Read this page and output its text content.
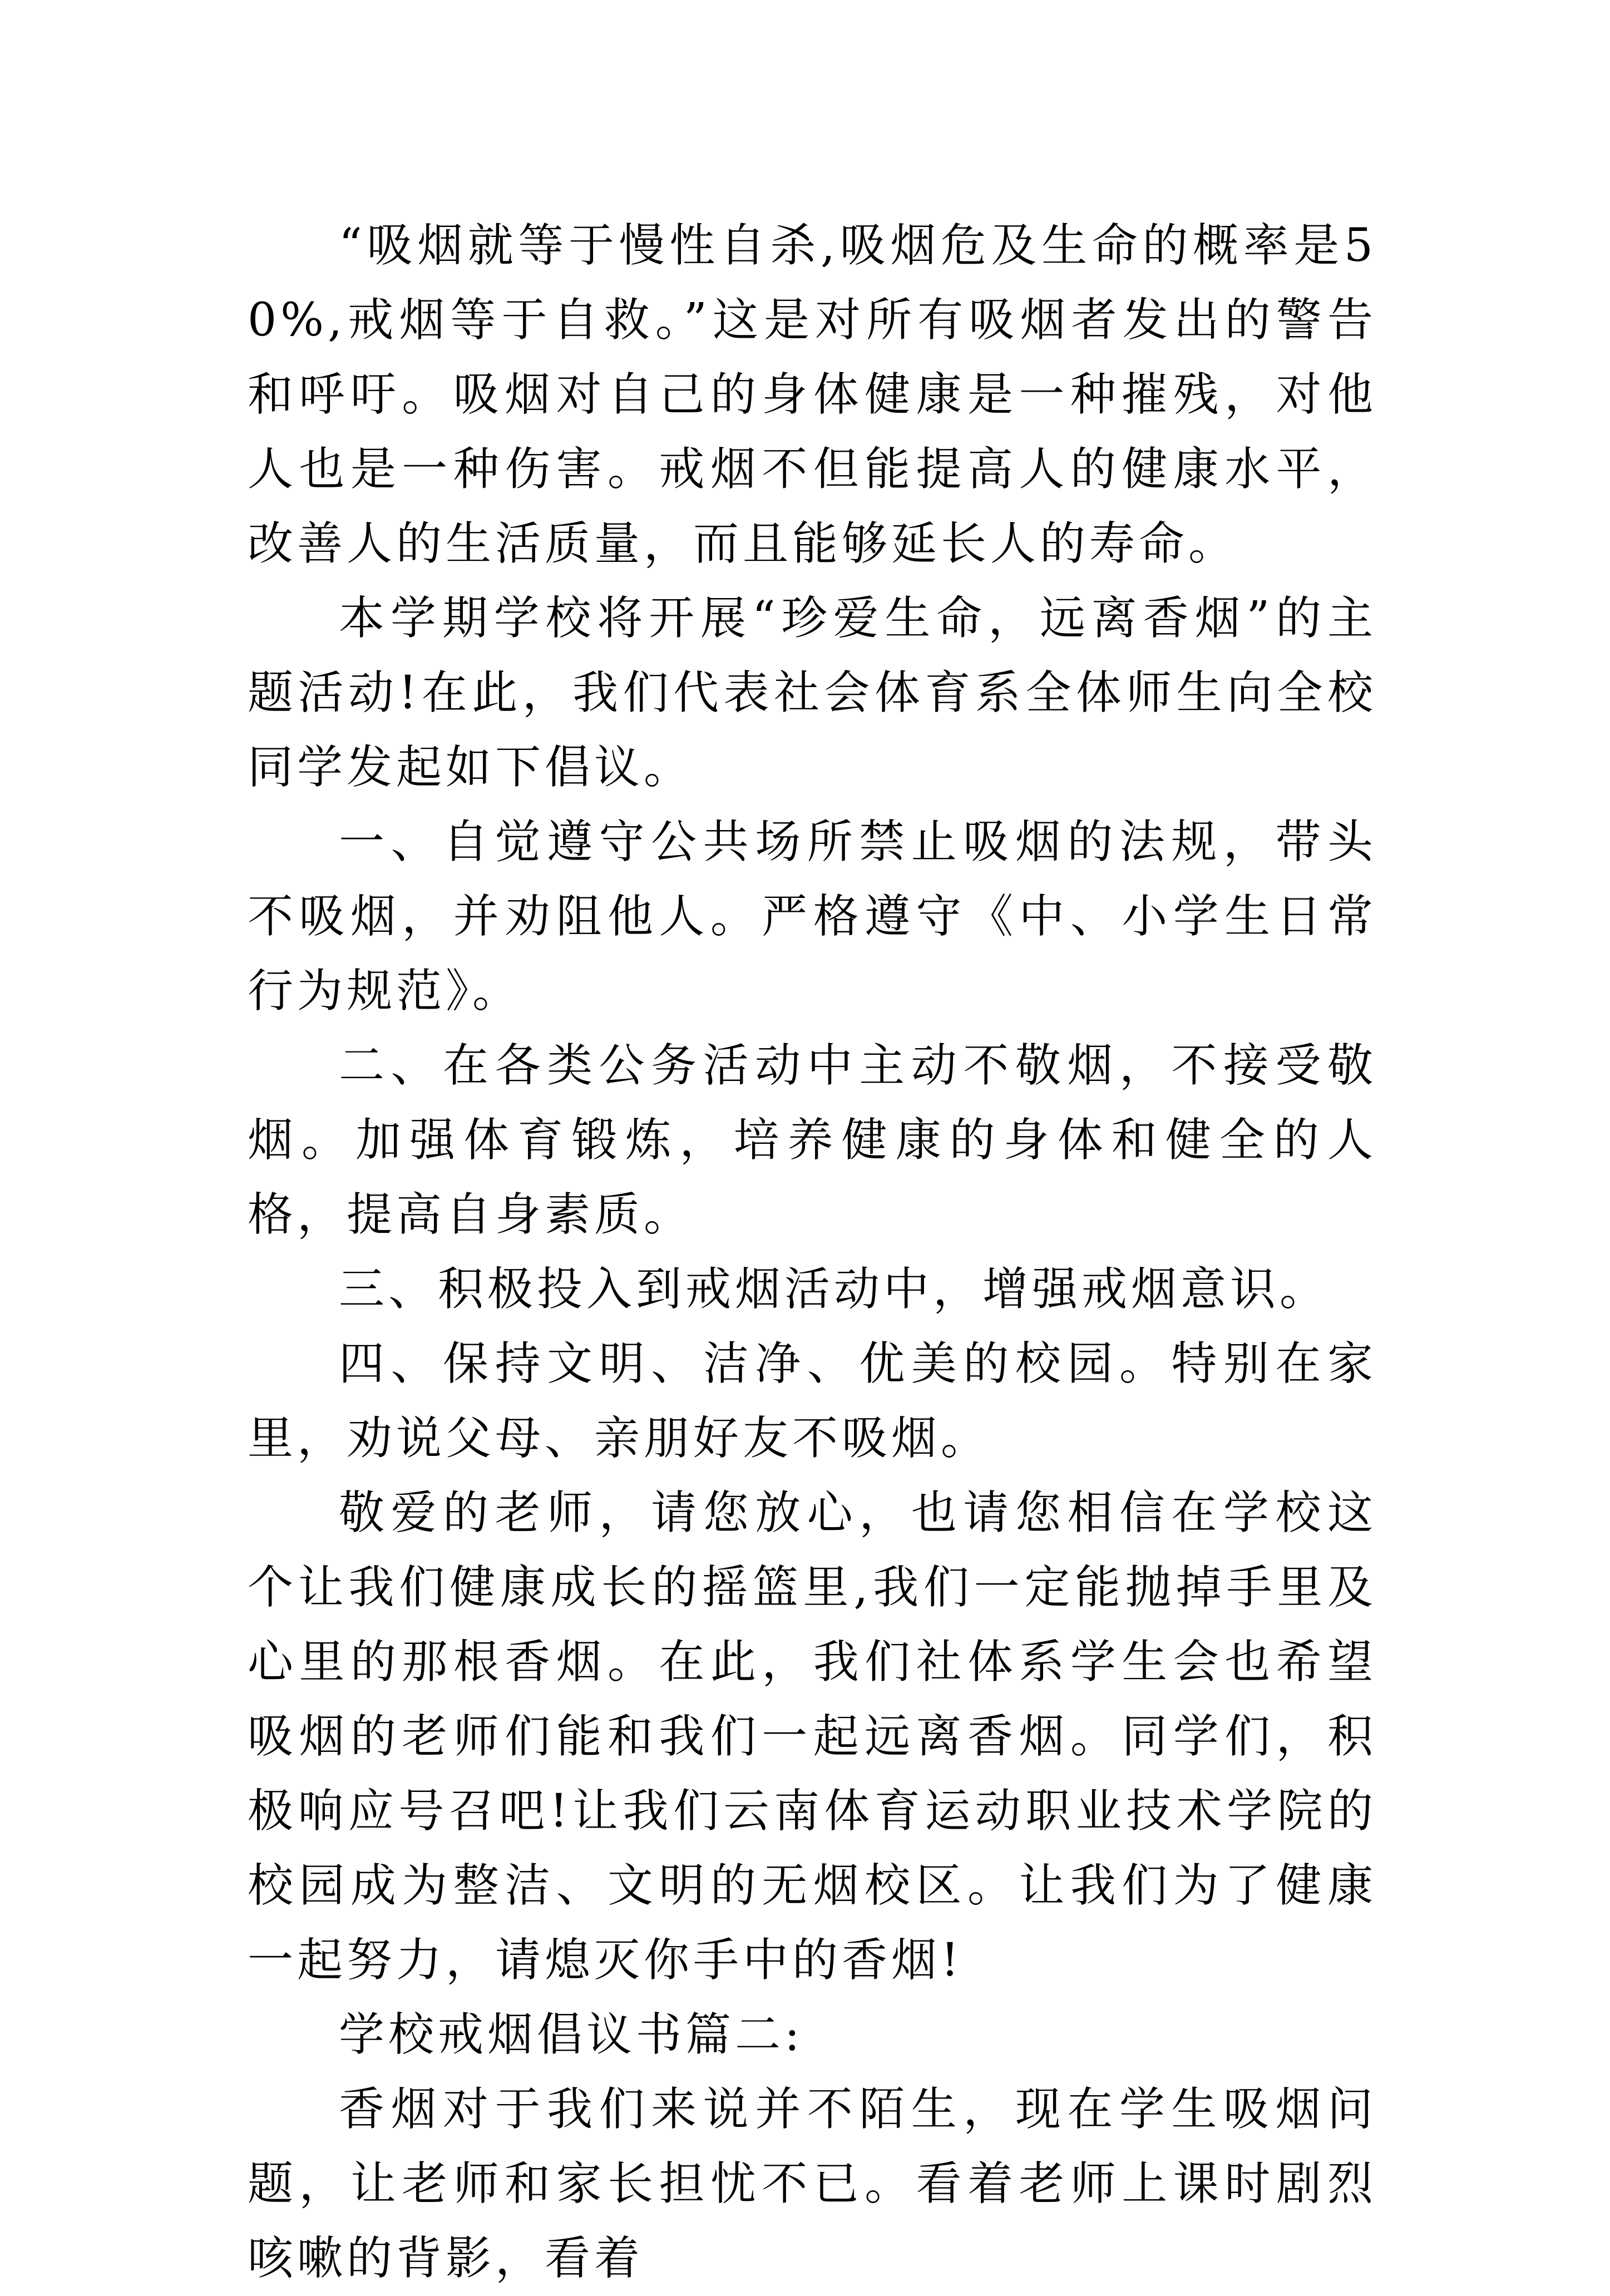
“吸烟就等于慢性自杀,吸烟危及生命的概率是50%,戒烟等于自救。”这是对所有吸烟者发出的警告和呼吁。吸烟对自己的身体健康是一种摧残，对他人也是一种伤害。戒烟不但能提高人的健康水平，改善人的生活质量，而且能够延长人的寿命。

本学期学校将开展“珍爱生命，远离香烟”的主题活动!在此，我们代表社会体育系全体师生向全校同学发起如下倡议。

一、自觉遵守公共场所禁止吸烟的法规，带头不吸烟，并劝阻他人。严格遵守《中、小学生日常行为规范》。

二、在各类公务活动中主动不敬烟，不接受敬烟。加强体育锻炼，培养健康的身体和健全的人格，提高自身素质。

三、积极投入到戒烟活动中，增强戒烟意识。

四、保持文明、洁净、优美的校园。特别在家里，劝说父母、亲朋好友不吸烟。

敬爱的老师，请您放心，也请您相信在学校这个让我们健康成长的摇篮里,我们一定能抛掉手里及心里的那根香烟。在此，我们社体系学生会也希望吸烟的老师们能和我们一起远离香烟。同学们，积极响应号召吧!让我们云南体育运动职业技术学院的校园成为整洁、文明的无烟校区。让我们为了健康一起努力，请熄灭你手中的香烟!

学校戒烟倡议书篇二:

香烟对于我们来说并不陌生，现在学生吸烟问题，让老师和家长担忧不已。看着老师上课时剧烈咳嗽的背影，看着
